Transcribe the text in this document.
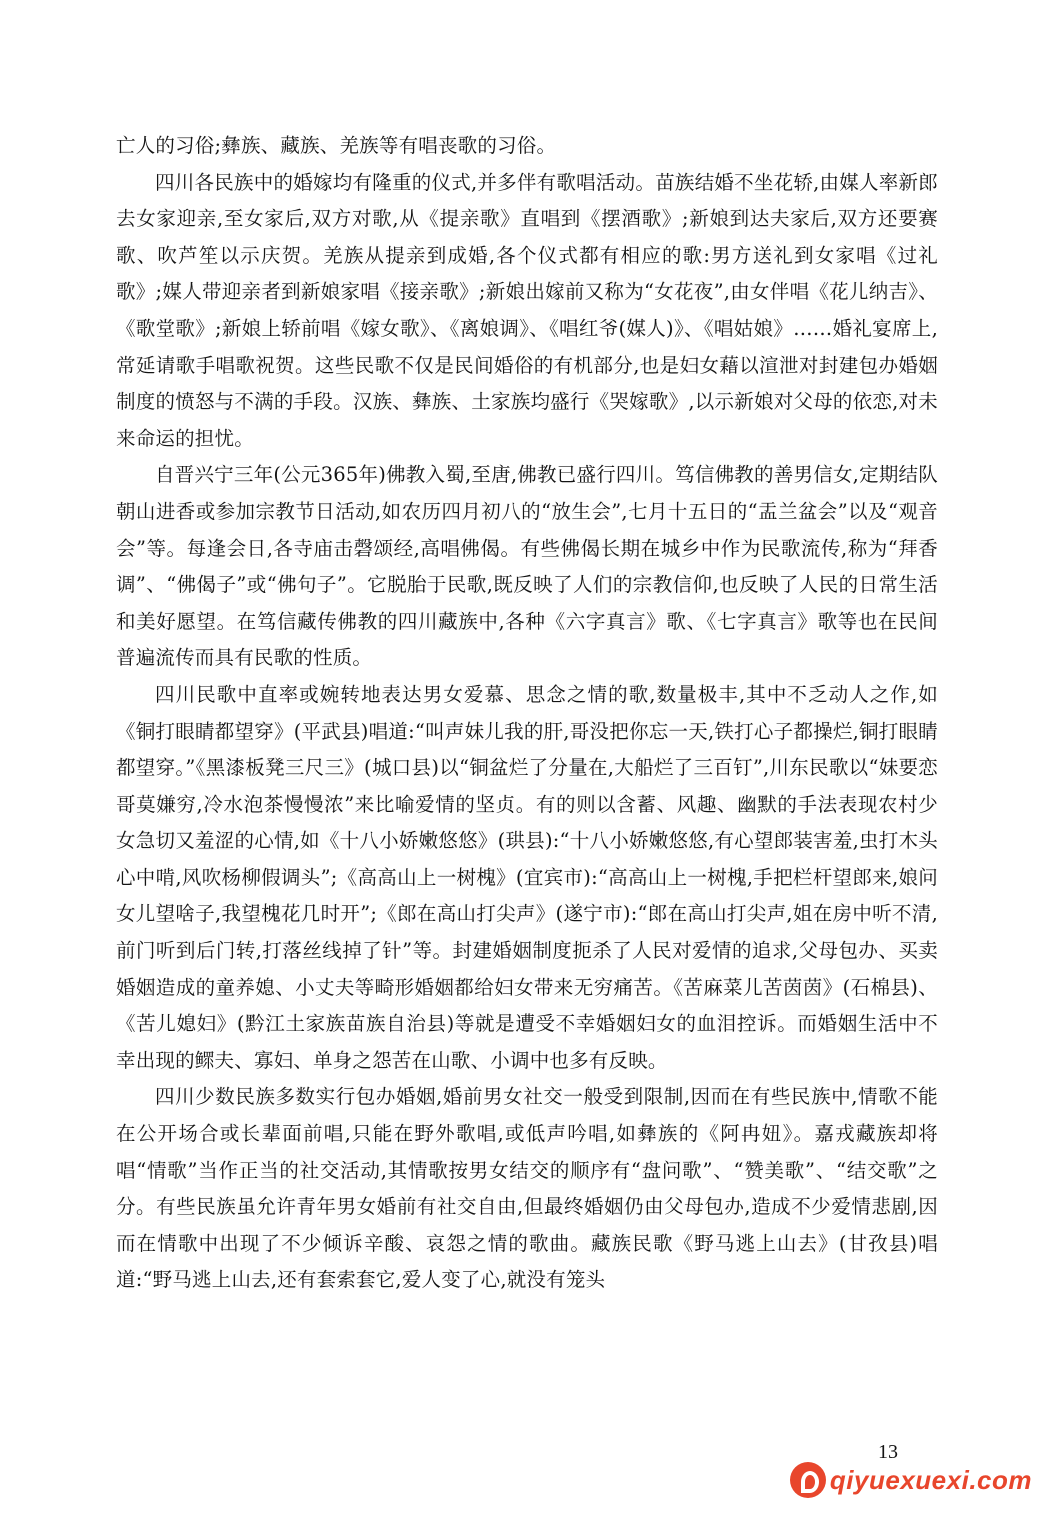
亡人的习俗;彝族、藏族、羌族等有唱丧歌的习俗。

四川各民族中的婚嫁均有隆重的仪式,并多伴有歌唱活动。苗族结婚不坐花轿,由媒人率新郎去女家迎亲,至女家后,双方对歌,从《提亲歌》直唱到《摆酒歌》;新娘到达夫家后,双方还要赛歌、吹芦笙以示庆贺。羌族从提亲到成婚,各个仪式都有相应的歌:男方送礼到女家唱《过礼歌》;媒人带迎亲者到新娘家唱《接亲歌》;新娘出嫁前又称为“女花夜”,由女伴唱《花儿纳吉》、《歌堂歌》;新娘上轿前唱《嫁女歌》、《离娘调》、《唱红爷(媒人)》、《唱姑娘》……婚礼宴席上,常延请歌手唱歌祝贺。这些民歌不仅是民间婚俗的有机部分,也是妇女藉以渲泄对封建包办婚姻制度的愤怒与不满的手段。汉族、彝族、土家族均盛行《哭嫁歌》,以示新娘对父母的依恋,对未来命运的担忧。

自晋兴宁三年(公元365年)佛教入蜀,至唐,佛教已盛行四川。笃信佛教的善男信女,定期结队朝山进香或参加宗教节日活动,如农历四月初八的“放生会”,七月十五日的“盂兰盆会”以及“观音会”等。每逢会日,各寺庙击磬颂经,高唱佛偈。有些佛偈长期在城乡中作为民歌流传,称为“拜香调”、“佛偈子”或“佛句子”。它脱胎于民歌,既反映了人们的宗教信仰,也反映了人民的日常生活和美好愿望。在笃信藏传佛教的四川藏族中,各种《六字真言》歌、《七字真言》歌等也在民间普遍流传而具有民歌的性质。

四川民歌中直率或婉转地表达男女爱慕、思念之情的歌,数量极丰,其中不乏动人之作,如《铜打眼睛都望穿》(平武县)唱道:“叫声妹儿我的肝,哥没把你忘一天,铁打心子都操烂,铜打眼睛都望穿。”《黑漆板凳三尺三》(城口县)以“铜盆烂了分量在,大船烂了三百钉”,川东民歌以“妹要恋哥莫嫌穷,冷水泡茶慢慢浓”来比喻爱情的坚贞。有的则以含蓄、风趣、幽默的手法表现农村少女急切又羞涩的心情,如《十八小娇嫩悠悠》(珙县):“十八小娇嫩悠悠,有心望郎装害羞,虫打木头心中啃,风吹杨柳假调头”;《高高山上一树槐》(宜宾市):“高高山上一树槐,手把栏杆望郎来,娘问女儿望啥子,我望槐花几时开”;《郎在高山打尖声》(遂宁市):“郎在高山打尖声,姐在房中听不清,前门听到后门转,打落丝线掉了针”等。封建婚姻制度扼杀了人民对爱情的追求,父母包办、买卖婚姻造成的童养媳、小丈夫等畸形婚姻都给妇女带来无穷痛苦。《苦麻菜儿苦茵茵》(石棉县)、《苦儿媳妇》(黔江土家族苗族自治县)等就是遭受不幸婚姻妇女的血泪控诉。而婚姻生活中不幸出现的鳏夫、寡妇、单身之怨苦在山歌、小调中也多有反映。

四川少数民族多数实行包办婚姻,婚前男女社交一般受到限制,因而在有些民族中,情歌不能在公开场合或长辈面前唱,只能在野外歌唱,或低声吟唱,如彝族的《阿冉妞》。嘉戎藏族却将唱“情歌”当作正当的社交活动,其情歌按男女结交的顺序有“盘问歌”、“赞美歌”、“结交歌”之分。有些民族虽允许青年男女婚前有社交自由,但最终婚姻仍由父母包办,造成不少爱情悲剧,因而在情歌中出现了不少倾诉辛酸、哀怨之情的歌曲。藏族民歌《野马逃上山去》(甘孜县)唱道:“野马逃上山去,还有套索套它,爱人变了心,就没有笼头

13
qiyuexuexi.com
